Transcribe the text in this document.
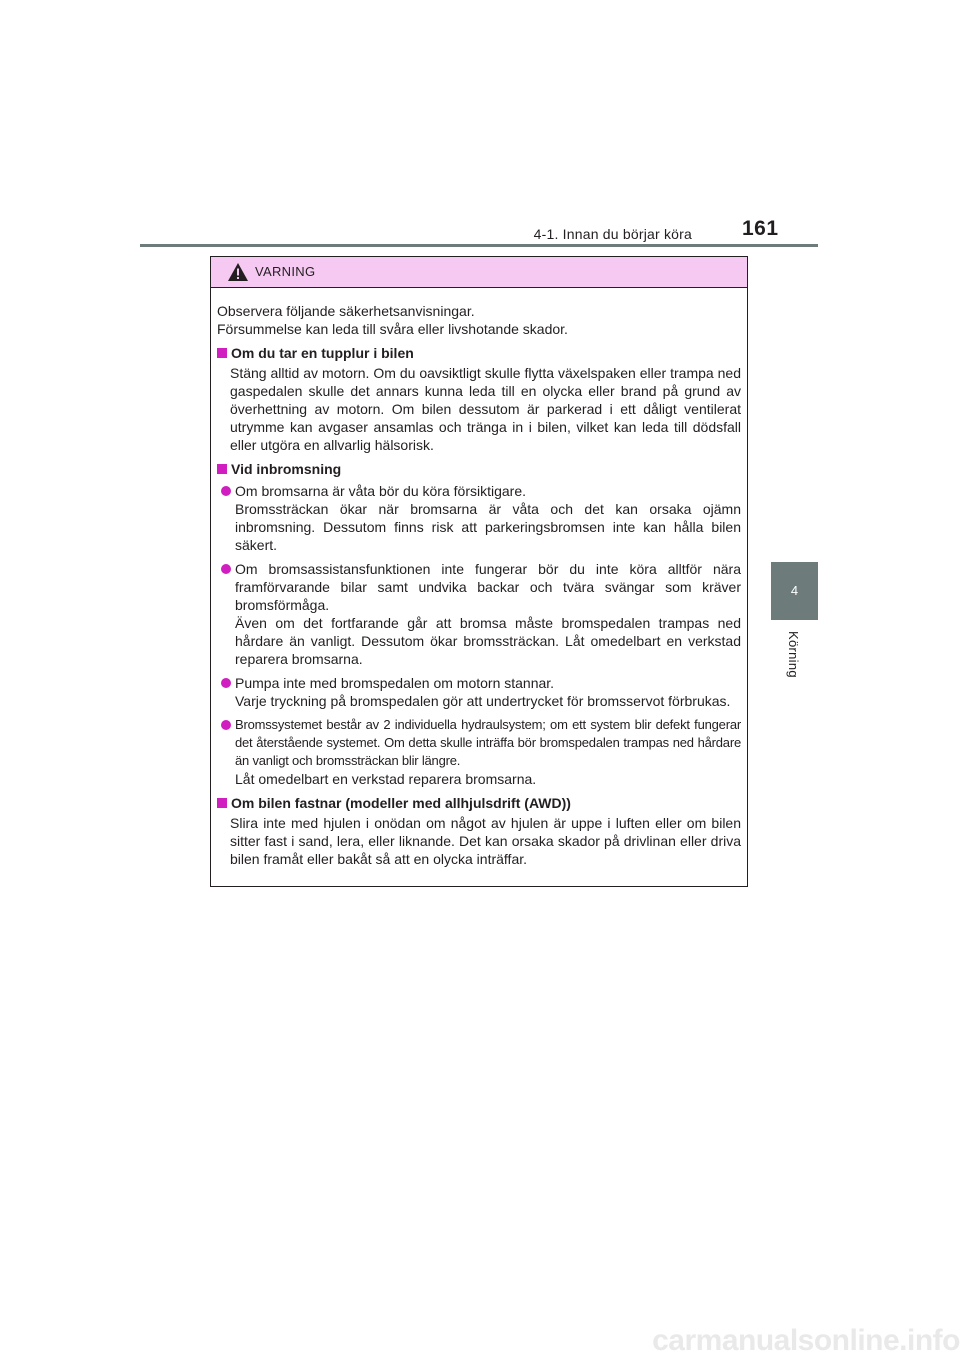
4-1. Innan du börjar köra 161
4
Körning
VARNING

Observera följande säkerhetsanvisningar.

Försummelse kan leda till svåra eller livshotande skador.

Om du tar en tupplur i bilen
Stäng alltid av motorn. Om du oavsiktligt skulle flytta växelspaken eller trampa ned gaspedalen skulle det annars kunna leda till en olycka eller brand på grund av överhettning av motorn. Om bilen dessutom är parkerad i ett dåligt ventilerat utrymme kan avgaser ansamlas och tränga in i bilen, vilket kan leda till dödsfall eller utgöra en allvarlig hälsorisk.
Vid inbromsning

Om bromsarna är våta bör du köra försiktigare.

Bromssträckan ökar när bromsarna är våta och det kan orsaka ojämn inbromsning. Dessutom finns risk att parkeringsbromsen inte kan hålla bilen säkert.

Om bromsassistansfunktionen inte fungerar bör du inte köra alltför nära framförvarande bilar samt undvika backar och tvära svängar som kräver bromsförmåga.

Även om det fortfarande går att bromsa måste bromspedalen trampas ned hårdare än vanligt. Dessutom ökar bromssträckan. Låt omedelbart en verkstad reparera bromsarna.

Pumpa inte med bromspedalen om motorn stannar.

Varje tryckning på bromspedalen gör att undertrycket för bromsservot förbrukas.

Bromssystemet består av 2 individuella hydraulsystem; om ett system blir defekt fungerar det återstående systemet. Om detta skulle inträffa bör bromspedalen trampas ned hårdare än vanligt och bromssträckan blir längre.

Låt omedelbart en verkstad reparera bromsarna.

Om bilen fastnar (modeller med allhjulsdrift (AWD))
Slira inte med hjulen i onödan om något av hjulen är uppe i luften eller om bilen sitter fast i sand, lera, eller liknande. Det kan orsaka skador på drivlinan eller driva bilen framåt eller bakåt så att en olycka inträffar.
carmanualsonline.info
